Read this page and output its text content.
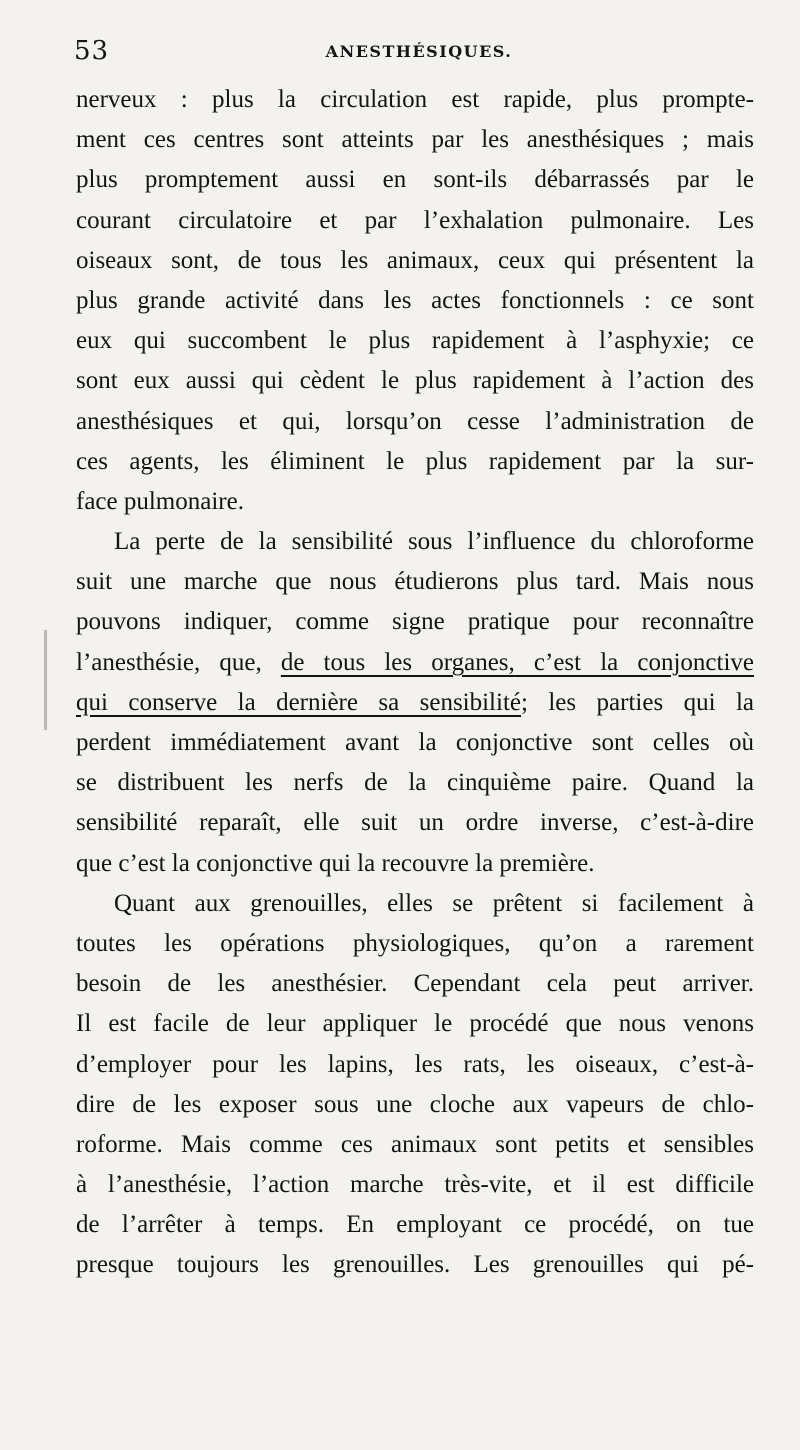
53	ANESTHÉSIQUES.
nerveux : plus la circulation est rapide, plus prompte-
ment ces centres sont atteints par les anesthésiques ; mais
plus promptement aussi en sont-ils débarrassés par le
courant circulatoire et par l’exhalation pulmonaire. Les
oiseaux sont, de tous les animaux, ceux qui présentent la
plus grande activité dans les actes fonctionnels : ce sont
eux qui succombent le plus rapidement à l’asphyxie; ce
sont eux aussi qui cèdent le plus rapidement à l’action des
anesthésiques et qui, lorsqu’on cesse l’administration de
ces agents, les éliminent le plus rapidement par la sur-
face pulmonaire.
La perte de la sensibilité sous l’influence du chloroforme
suit une marche que nous étudierons plus tard. Mais nous
pouvons indiquer, comme signe pratique pour reconnaître
l’anesthésie, que, de tous les organes, c’est la conjonctive
qui conserve la dernière sa sensibilité; les parties qui la
perdent immédiatement avant la conjonctive sont celles où
se distribuent les nerfs de la cinquième paire. Quand la
sensibilité reparaît, elle suit un ordre inverse, c’est-à-dire
que c’est la conjonctive qui la recouvre la première.
Quant aux grenouilles, elles se prêtent si facilement à
toutes les opérations physiologiques, qu’on a rarement
besoin de les anesthésier. Cependant cela peut arriver.
Il est facile de leur appliquer le procédé que nous venons
d’employer pour les lapins, les rats, les oiseaux, c’est-à-
dire de les exposer sous une cloche aux vapeurs de chlo-
roforme. Mais comme ces animaux sont petits et sensibles
à l’anesthésie, l’action marche très-vite, et il est difficile
de l’arrêter à temps. En employant ce procédé, on tue
presque toujours les grenouilles. Les grenouilles qui pé-
